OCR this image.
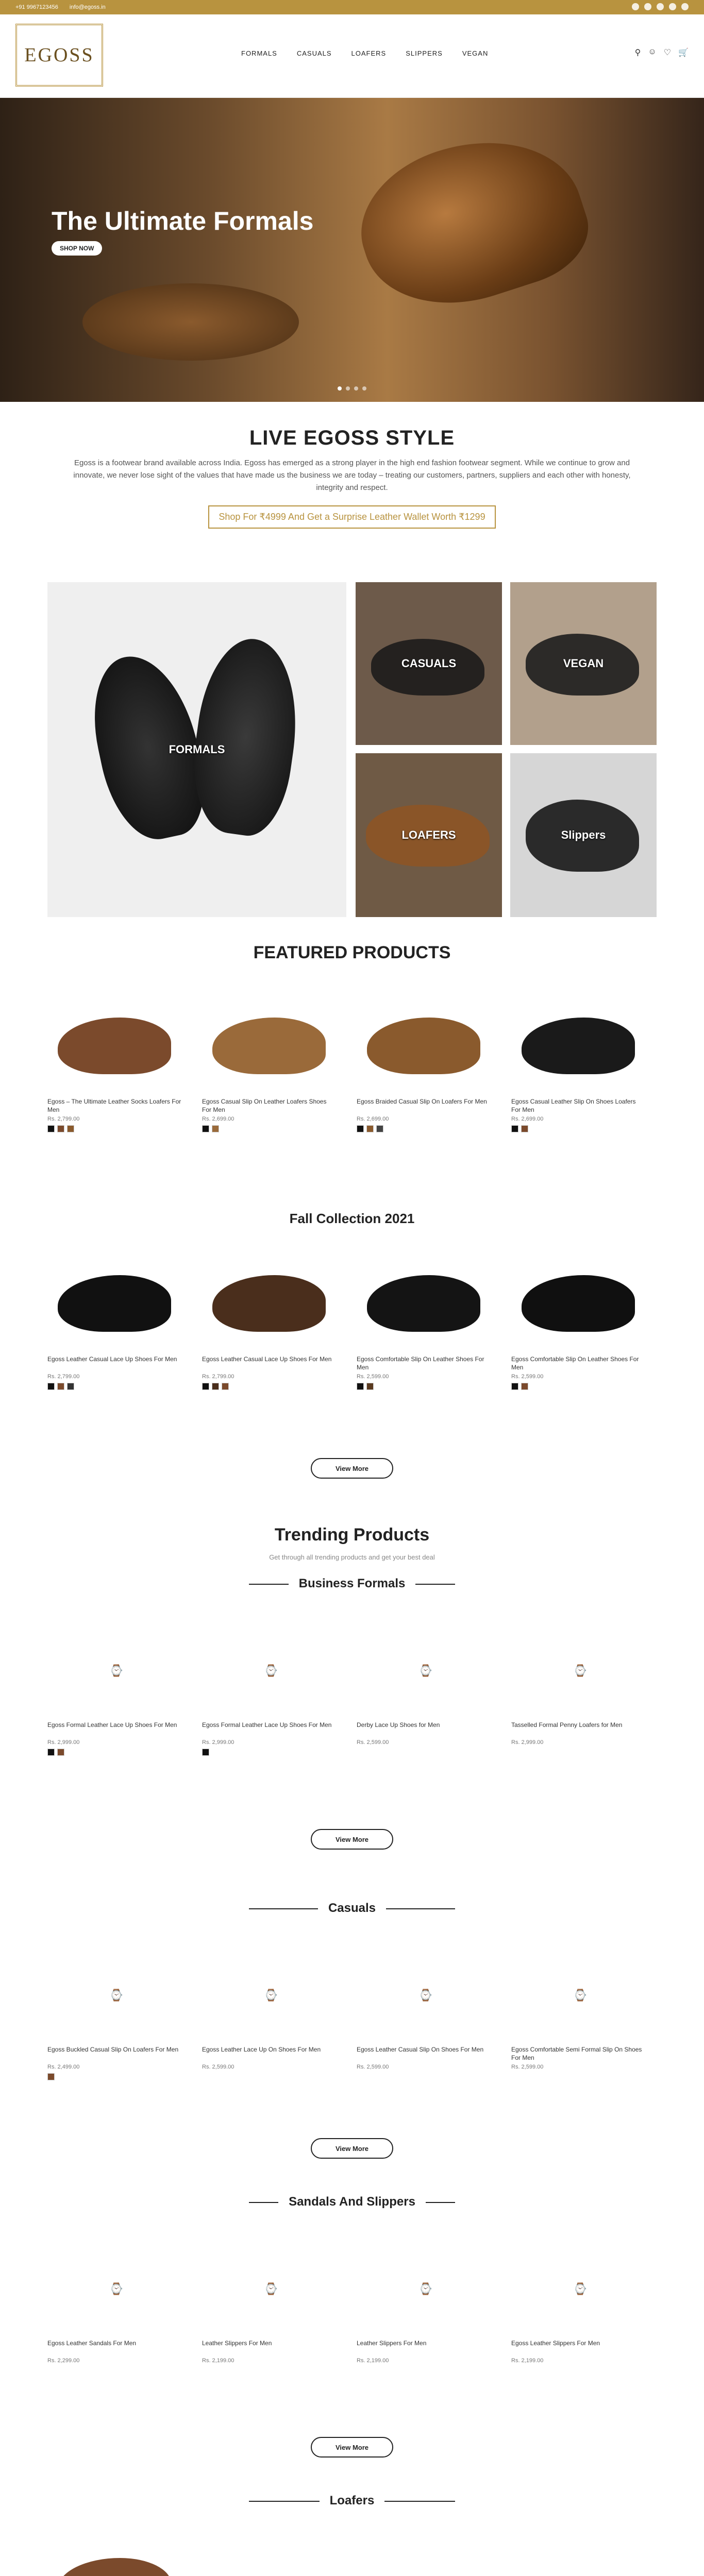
+91 9967123456 info@egoss.in
EGOSS	FORMALS	CASUALS	LOAFERS	SLIPPERS	VEGAN	⚲ ☺ ♡ 🛒
The Ultimate Formals
SHOP NOW
LIVE EGOSS STYLE

Egoss is a footwear brand available across India. Egoss has emerged as a strong player in the high end fashion footwear segment. While we continue to grow and innovate, we never lose sight of the values that have made us the business we are today – treating our customers, partners, suppliers and each other with honesty, integrity and respect.

Shop For ₹4999 And Get a Surprise Leather Wallet Worth ₹1299
FORMALS
CASUALS	VEGAN
LOAFERS	Slippers
FEATURED PRODUCTS
Egoss – The Ultimate Leather Socks Loafers For Men
Rs. 2,799.00
Egoss Casual Slip On Leather Loafers Shoes For Men
Rs. 2,699.00
Egoss Braided Casual Slip On Loafers For Men
Rs. 2,699.00
Egoss Casual Leather Slip On Shoes Loafers For Men
Rs. 2,699.00
Fall Collection 2021
Egoss Leather Casual Lace Up Shoes For Men
Rs. 2,799.00
Egoss Leather Casual Lace Up Shoes For Men
Rs. 2,799.00
Egoss Comfortable Slip On Leather Shoes For Men
Rs. 2,599.00
Egoss Comfortable Slip On Leather Shoes For Men
Rs. 2,599.00
View More
Trending Products
Get through all trending products and get your best deal
Business Formals
⌚
Egoss Formal Leather Lace Up Shoes For Men
Rs. 2,999.00
⌚
Egoss Formal Leather Lace Up Shoes For Men
Rs. 2,999.00
⌚
Derby Lace Up Shoes for Men
Rs. 2,599.00
⌚
Tasselled Formal Penny Loafers for Men
Rs. 2,999.00
View More
Casuals
⌚
Egoss Buckled Casual Slip On Loafers For Men
Rs. 2,499.00
⌚
Egoss Leather Lace Up On Shoes For Men
Rs. 2,599.00
⌚
Egoss Leather Casual Slip On Shoes For Men
Rs. 2,599.00
⌚
Egoss Comfortable Semi Formal Slip On Shoes For Men
Rs. 2,599.00
View More
Sandals And Slippers
⌚
Egoss Leather Sandals For Men
Rs. 2,299.00
⌚
Leather Slippers For Men
Rs. 2,199.00
⌚
Leather Slippers For Men
Rs. 2,199.00
⌚
Egoss Leather Slippers For Men
Rs. 2,199.00
View More
Loafers
